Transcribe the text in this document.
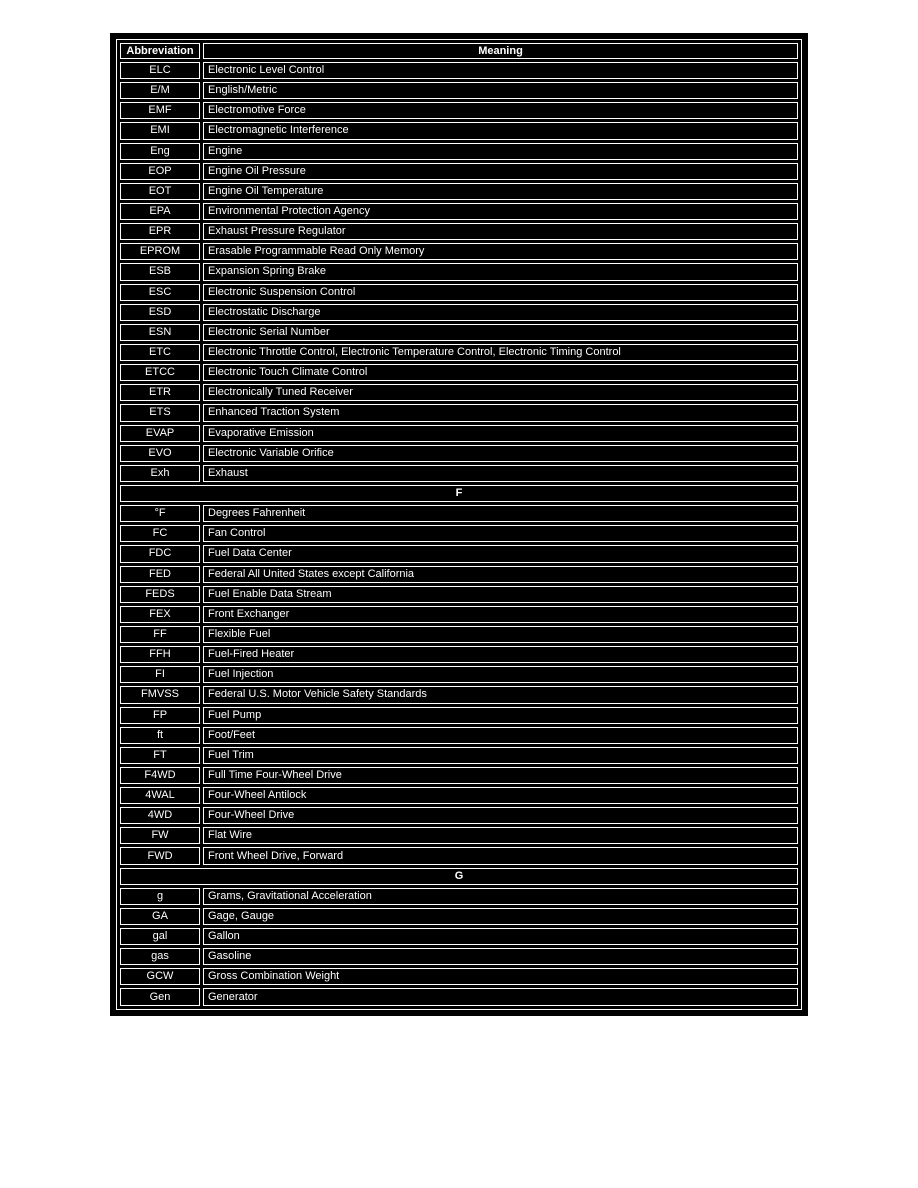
Abbreviation	Meaning
ELC	Electronic Level Control
E/M	English/Metric
EMF	Electromotive Force
EMI	Electromagnetic Interference
Eng	Engine
EOP	Engine Oil Pressure
EOT	Engine Oil Temperature
EPA	Environmental Protection Agency
EPR	Exhaust Pressure Regulator
EPROM	Erasable Programmable Read Only Memory
ESB	Expansion Spring Brake
ESC	Electronic Suspension Control
ESD	Electrostatic Discharge
ESN	Electronic Serial Number
ETC	Electronic Throttle Control, Electronic Temperature Control, Electronic Timing Control
ETCC	Electronic Touch Climate Control
ETR	Electronically Tuned Receiver
ETS	Enhanced Traction System
EVAP	Evaporative Emission
EVO	Electronic Variable Orifice
Exh	Exhaust
F	
°F	Degrees Fahrenheit
FC	Fan Control
FDC	Fuel Data Center
FED	Federal All United States except California
FEDS	Fuel Enable Data Stream
FEX	Front Exchanger
FF	Flexible Fuel
FFH	Fuel-Fired Heater
FI	Fuel Injection
FMVSS	Federal U.S. Motor Vehicle Safety Standards
FP	Fuel Pump
ft	Foot/Feet
FT	Fuel Trim
F4WD	Full Time Four-Wheel Drive
4WAL	Four-Wheel Antilock
4WD	Four-Wheel Drive
FW	Flat Wire
FWD	Front Wheel Drive, Forward
G	
g	Grams, Gravitational Acceleration
GA	Gage, Gauge
gal	Gallon
gas	Gasoline
GCW	Gross Combination Weight
Gen	Generator
